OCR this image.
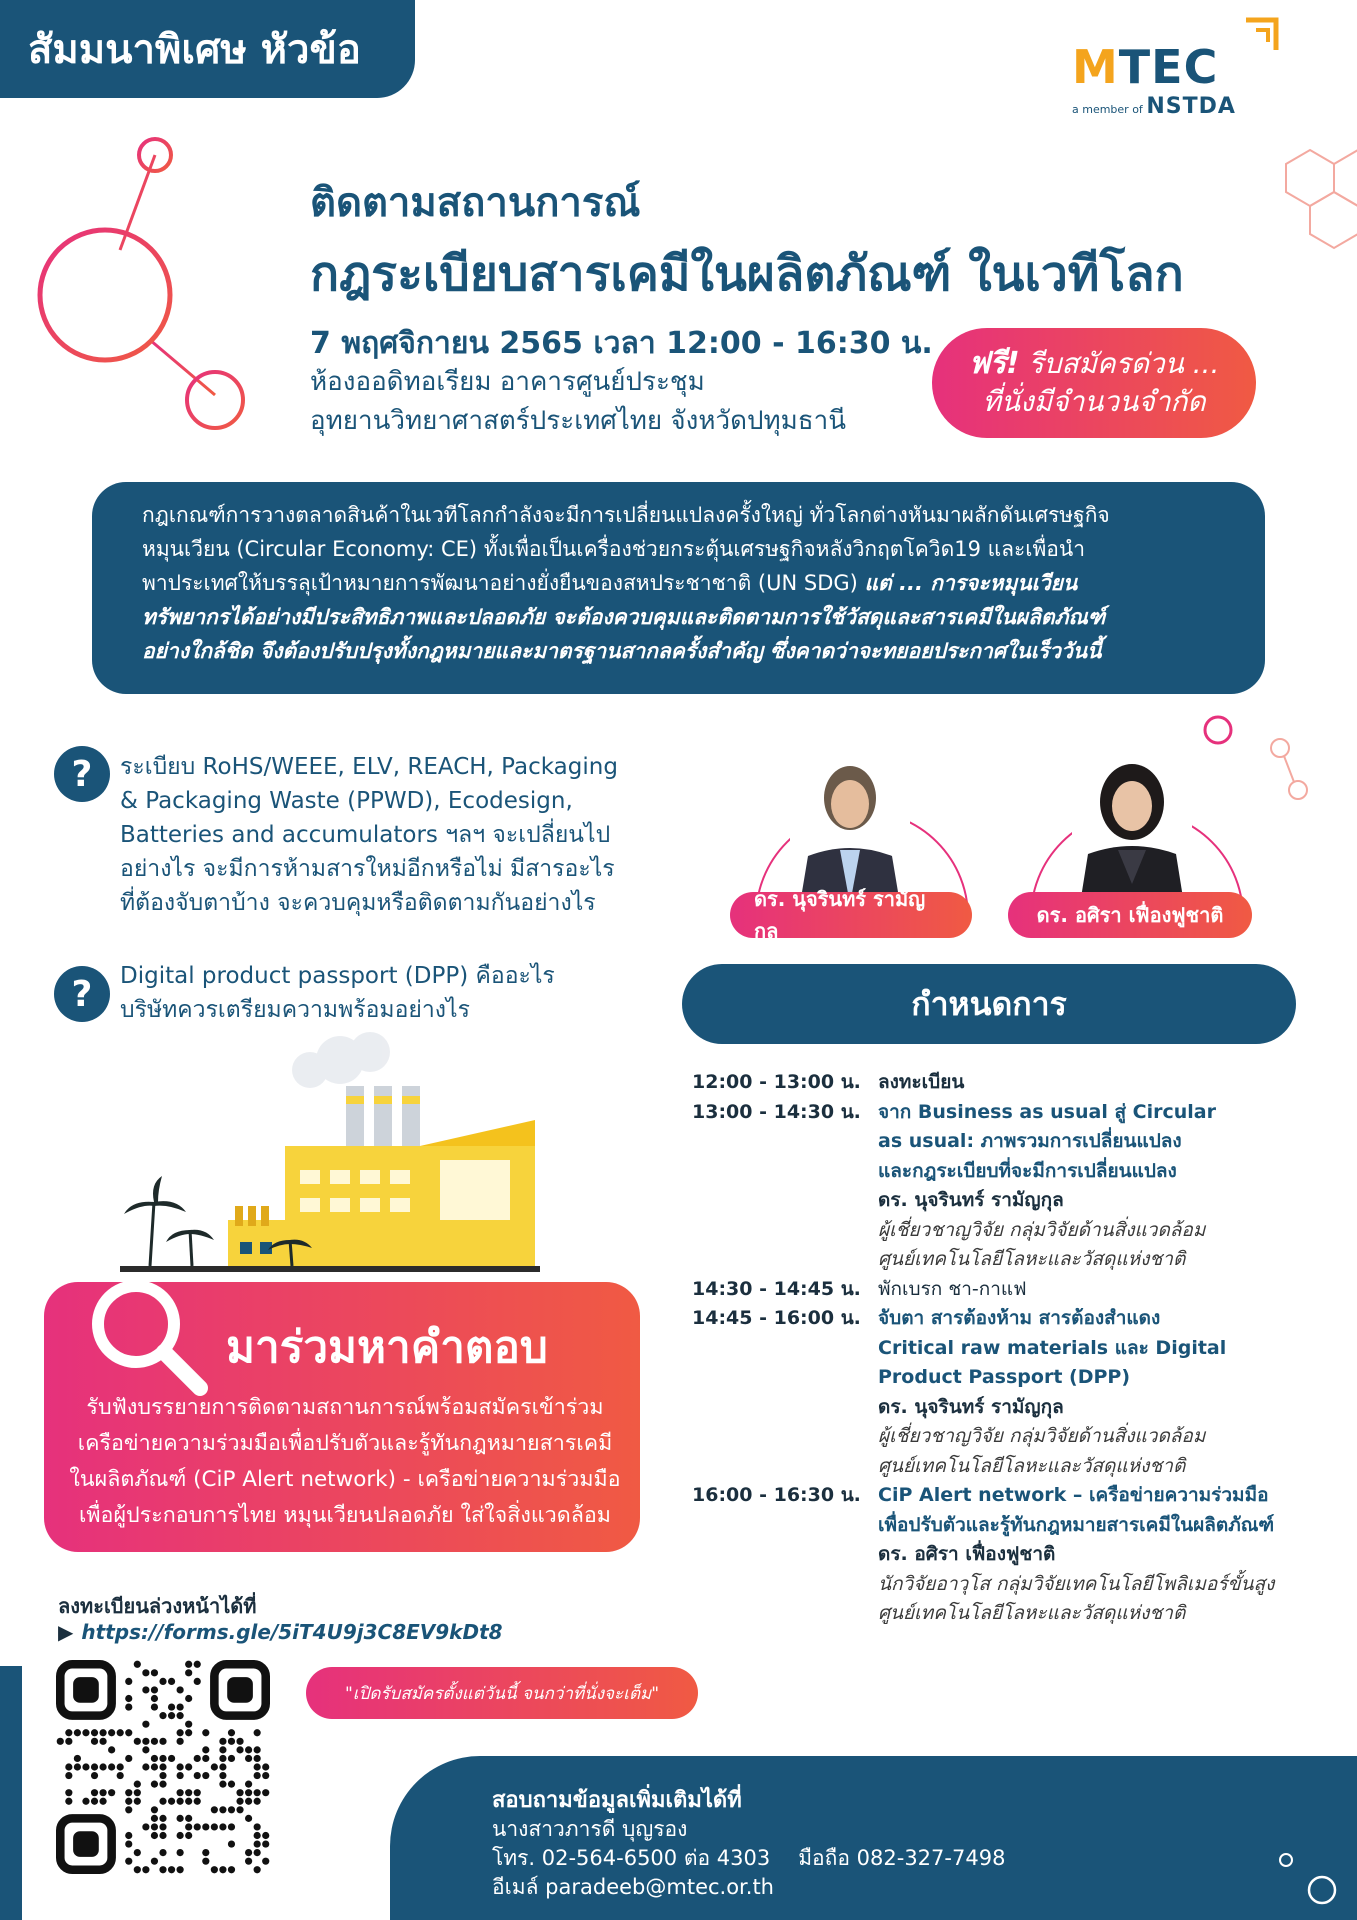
สัมมนาพิเศษ หัวข้อ	MTEC
a member of NSTDA
ติดตามสถานการณ์
กฎระเบียบสารเคมีในผลิตภัณฑ์ ในเวทีโลก
7 พฤศจิกายน 2565 เวลา 12:00 - 16:30 น.
ห้องออดิทอเรียม อาคารศูนย์ประชุม
อุทยานวิทยาศาสตร์ประเทศไทย จังหวัดปทุมธานี
ฟรี! รีบสมัครด่วน ...
ที่นั่งมีจำนวนจำกัด
กฎเกณฑ์การวางตลาดสินค้าในเวทีโลกกำลังจะมีการเปลี่ยนแปลงครั้งใหญ่ ทั่วโลกต่างหันมาผลักดันเศรษฐกิจ
หมุนเวียน (Circular Economy: CE) ทั้งเพื่อเป็นเครื่องช่วยกระตุ้นเศรษฐกิจหลังวิกฤตโควิด19 และเพื่อนำ
พาประเทศให้บรรลุเป้าหมายการพัฒนาอย่างยั่งยืนของสหประชาชาติ (UN SDG) แต่ ... การจะหมุนเวียน
ทรัพยากรได้อย่างมีประสิทธิภาพและปลอดภัย จะต้องควบคุมและติดตามการใช้วัสดุและสารเคมีในผลิตภัณฑ์
อย่างใกล้ชิด จึงต้องปรับปรุงทั้งกฎหมายและมาตรฐานสากลครั้งสำคัญ ซึ่งคาดว่าจะทยอยประกาศในเร็ววันนี้
?	ระเบียบ RoHS/WEEE, ELV, REACH, Packaging
& Packaging Waste (PPWD), Ecodesign,
Batteries and accumulators ฯลฯ จะเปลี่ยนไป
อย่างไร จะมีการห้ามสารใหม่อีกหรือไม่ มีสารอะไร
ที่ต้องจับตาบ้าง จะควบคุมหรือติดตามกันอย่างไร
?	Digital product passport (DPP) คืออะไร
บริษัทควรเตรียมความพร้อมอย่างไร
ดร. นุจรินทร์ รามัญกุล
ดร. อศิรา เฟื่องฟูชาติ
กำหนดการ
12:00 - 13:00 น. ลงทะเบียน
13:00 - 14:30 น. จาก Business as usual สู่ Circular
as usual: ภาพรวมการเปลี่ยนแปลง
และกฎระเบียบที่จะมีการเปลี่ยนแปลง
ดร. นุจรินทร์ รามัญกุล
ผู้เชี่ยวชาญวิจัย กลุ่มวิจัยด้านสิ่งแวดล้อม
ศูนย์เทคโนโลยีโลหะและวัสดุแห่งชาติ
14:30 - 14:45 น. พักเบรก ชา-กาแฟ
14:45 - 16:00 น. จับตา สารต้องห้าม สารต้องสำแดง
Critical raw materials และ Digital
Product Passport (DPP)
ดร. นุจรินทร์ รามัญกุล
ผู้เชี่ยวชาญวิจัย กลุ่มวิจัยด้านสิ่งแวดล้อม
ศูนย์เทคโนโลยีโลหะและวัสดุแห่งชาติ
16:00 - 16:30 น. CiP Alert network – เครือข่ายความร่วมมือ
เพื่อปรับตัวและรู้ทันกฎหมายสารเคมีในผลิตภัณฑ์
ดร. อศิรา เฟื่องฟูชาติ
นักวิจัยอาวุโส กลุ่มวิจัยเทคโนโลยีโพลิเมอร์ขั้นสูง
ศูนย์เทคโนโลยีโลหะและวัสดุแห่งชาติ
มาร่วมหาคำตอบ
รับฟังบรรยายการติดตามสถานการณ์พร้อมสมัครเข้าร่วม
เครือข่ายความร่วมมือเพื่อปรับตัวและรู้ทันกฎหมายสารเคมี
ในผลิตภัณฑ์ (CiP Alert network) - เครือข่ายความร่วมมือ
เพื่อผู้ประกอบการไทย หมุนเวียนปลอดภัย ใส่ใจสิ่งแวดล้อม
ลงทะเบียนล่วงหน้าได้ที่
▶ https://forms.gle/5iT4U9j3C8EV9kDt8
"เปิดรับสมัครตั้งแต่วันนี้ จนกว่าที่นั่งจะเต็ม"
สอบถามข้อมูลเพิ่มเติมได้ที่
นางสาวภารดี บุญรอง
โทร. 02-564-6500 ต่อ 4303 มือถือ 082-327-7498
อีเมล์ paradeeb@mtec.or.th
